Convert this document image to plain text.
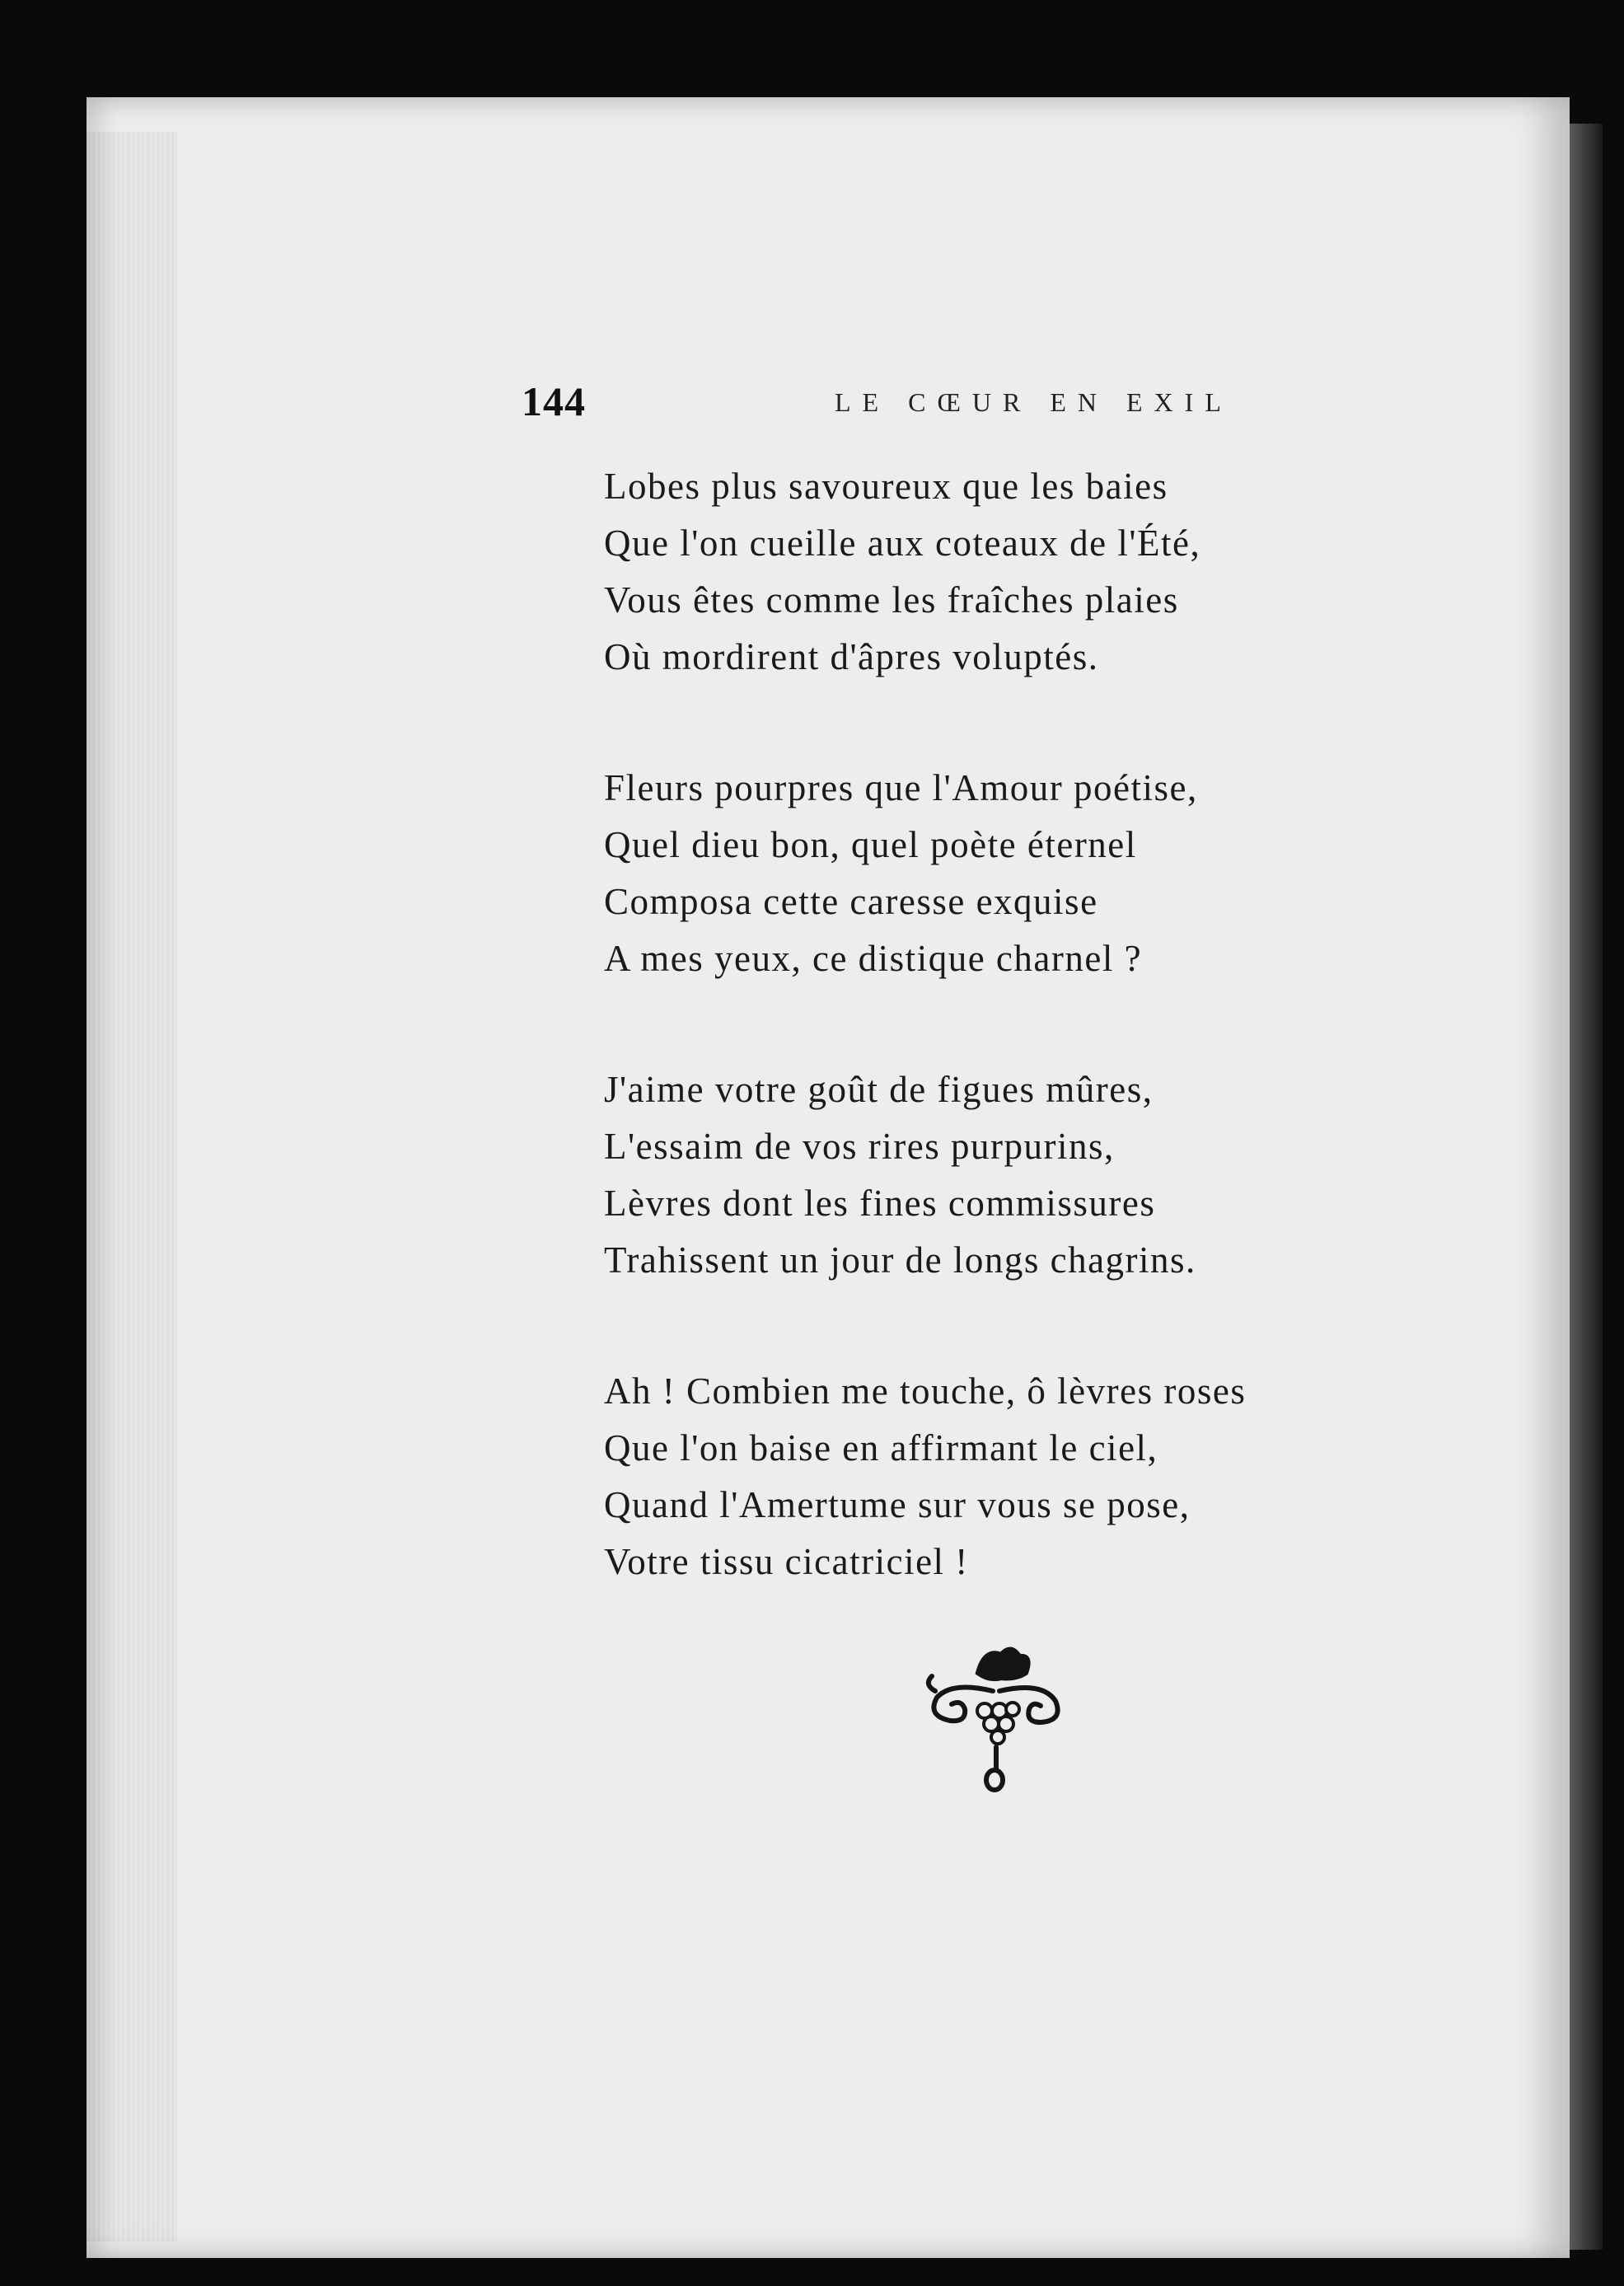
144	LE CŒUR EN EXIL
Lobes plus savoureux que les baies
Que l'on cueille aux coteaux de l'Été,
Vous êtes comme les fraîches plaies
Où mordirent d'âpres voluptés.
Fleurs pourpres que l'Amour poétise,
Quel dieu bon, quel poète éternel
Composa cette caresse exquise
A mes yeux, ce distique charnel ?
J'aime votre goût de figues mûres,
L'essaim de vos rires purpurins,
Lèvres dont les fines commissures
Trahissent un jour de longs chagrins.
Ah ! Combien me touche, ô lèvres roses
Que l'on baise en affirmant le ciel,
Quand l'Amertume sur vous se pose,
Votre tissu cicatriciel !
